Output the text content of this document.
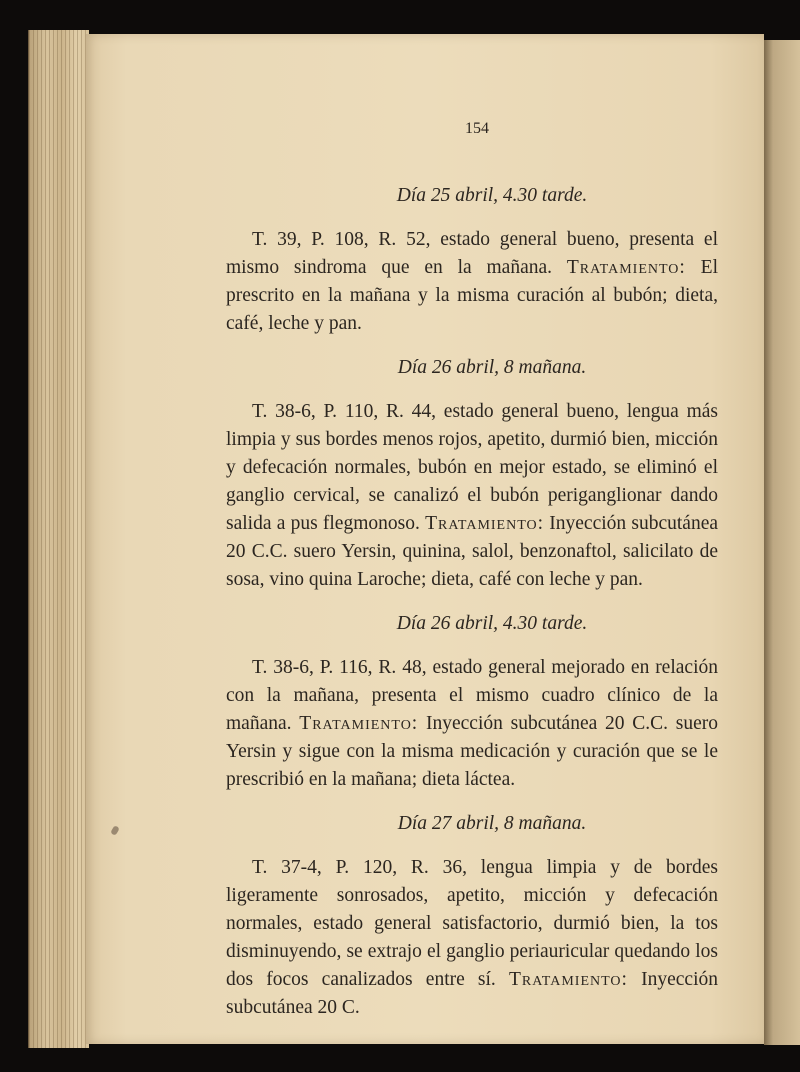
154

Día 25 abril, 4.30 tarde.

T. 39, P. 108, R. 52, estado general bueno, presenta el mismo sindroma que en la mañana. Tratamiento: El prescrito en la mañana y la misma curación al bubón; dieta, café, leche y pan.

Día 26 abril, 8 mañana.

T. 38-6, P. 110, R. 44, estado general bueno, lengua más limpia y sus bordes menos rojos, apetito, durmió bien, micción y defecación normales, bubón en mejor estado, se eliminó el ganglio cervical, se canalizó el bubón periganglionar dando salida a pus flegmonoso. Tratamiento: Inyección subcutánea 20 C.C. suero Yersin, quinina, salol, benzonaftol, salicilato de sosa, vino quina Laroche; dieta, café con leche y pan.

Día 26 abril, 4.30 tarde.

T. 38-6, P. 116, R. 48, estado general mejorado en relación con la mañana, presenta el mismo cuadro clínico de la mañana. Tratamiento: Inyección subcutánea 20 C.C. suero Yersin y sigue con la misma medicación y curación que se le prescribió en la mañana; dieta láctea.

Día 27 abril, 8 mañana.

T. 37-4, P. 120, R. 36, lengua limpia y de bordes ligeramente sonrosados, apetito, micción y defecación normales, estado general satisfactorio, durmió bien, la tos disminuyendo, se extrajo el ganglio periauricular quedando los dos focos canalizados entre sí. Tratamiento: Inyección subcutánea 20 C.
